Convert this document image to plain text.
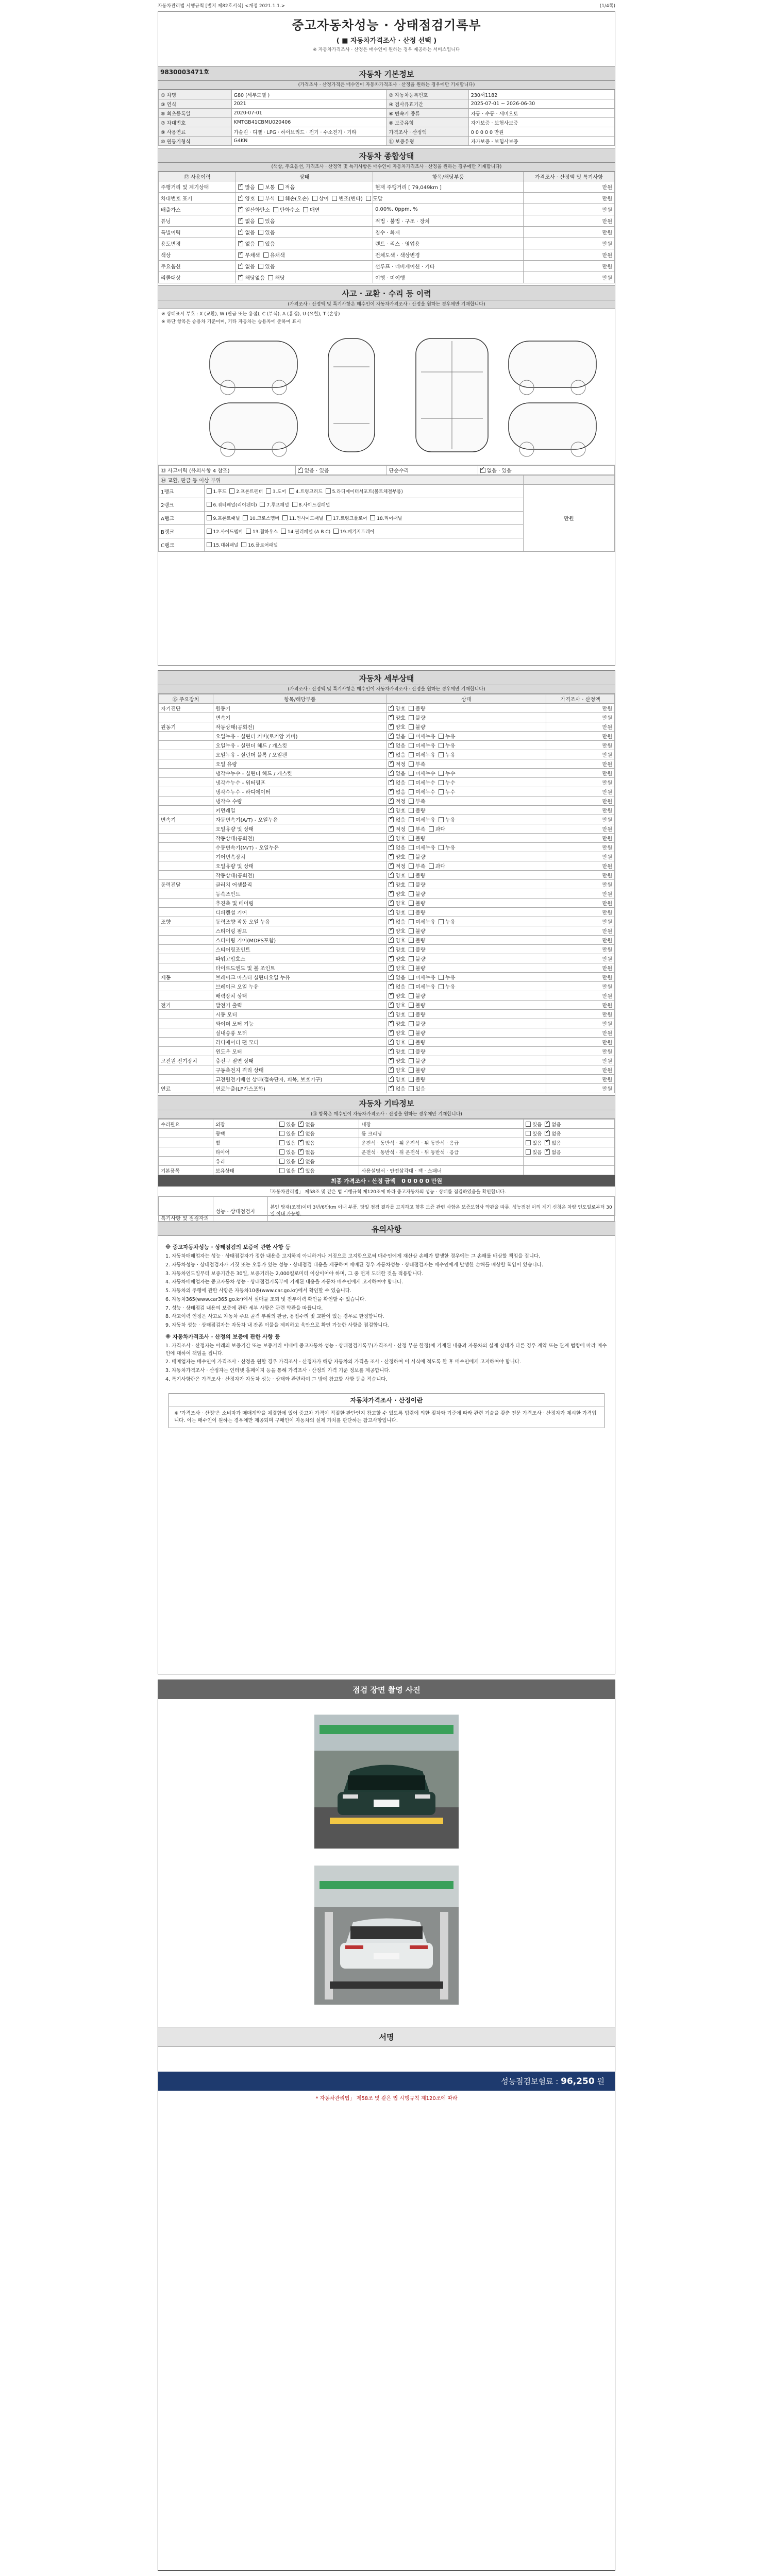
자동차관리법 시행규칙 [별지 제82호서식] <개정 2021.1.1.>	(1/4쪽)
중고자동차성능 · 상태점검기록부
( ■ 자동차가격조사 · 산정 선택 )
※ 자동차가격조사 · 산정은 매수인이 원하는 경우 제공하는 서비스입니다
9830003471호	자동차 기본정보
(가격조사 · 산정가격은 매수인이 자동차가격조사 · 산정을 원하는 경우에만 기재합니다)
① 차명	G80 (세부모델 )	② 자동차등록번호	230서1182
③ 연식	2021	④ 검사유효기간	2025-07-01 ~ 2026-06-30
⑤ 최초등록일	2020-07-01	⑥ 변속기 종류	자동 · 수동 · 세미오토
⑦ 차대번호	KMTGB41CBMU020406	⑧ 보증유형	자가보증 · 보험사보증
⑨ 사용연료	가솔린 · 디젤 · LPG · 하이브리드 · 전기 · 수소전기 · 기타	가격조사 · 산정액	0 0 0 0 0 만원
⑩ 원동기형식	G4KN	⑪ 보증유형	자가보증 · 보험사보증
자동차 종합상태
(색상, 주요옵션, 가격조사 · 산정액 및 특기사항은 매수인이 자동차가격조사 · 산정을 원하는 경우에만 기재합니다)
⑫ 사용이력	상태	항목/해당부품	가격조사 · 산정액 및 특기사항
주행거리 및 계기상태	✓많음 보통 적음	현재 주행거리 [ 79,049km ]	만원
차대번호 표기	✓양호 부식 훼손(오손) 상이 변조(변타) 도말		만원
배출가스	✓일산화탄소 탄화수소 매연	0.00%, 0ppm, %	만원
튜닝	✓없음 있음	적법 · 불법 · 구조 · 장치	만원
특별이력	✓없음 있음	침수 · 화재	만원
용도변경	✓없음 있음	렌트 · 리스 · 영업용	만원
색상	✓무채색 유채색	전체도색 · 색상변경	만원
주요옵션	✓없음 있음	선루프 · 네비게이션 · 기타	만원
리콜대상	✓해당없음 해당	이행 · 미이행	만원
사고 · 교환 · 수리 등 이력
(가격조사 · 산정액 및 특기사항은 매수인이 자동차가격조사 · 산정을 원하는 경우에만 기재합니다)
※ 상태표시 부호 : X (교환), W (판금 또는 용접), C (부식), A (흠집), U (요철), T (손상)
※ 하단 항목은 승용차 기준이며, 기타 자동차는 승용차에 준하여 표시
⑬ 사고이력 (유의사항 4 참조)	✓없음 · 있음	단순수리	✓없음 · 있음
⑭ 교환, 판금 등 이상 부위		
1랭크	1.후드 2.프론트펜더 3.도어 4.트렁크리드 5.라디에이터서포트(볼트체결부품)	만원
2랭크	6.쿼터패널(리어펜더) 7.루프패널 8.사이드실패널	
A랭크	9.프론트패널 10.크로스멤버 11.인사이드패널 17.트렁크플로어 18.리어패널	
B랭크	12.사이드멤버 13.휠하우스 14.필러패널 (A B C) 19.패키지트레이	
C랭크	15.대쉬패널 16.플로어패널	
자동차 세부상태
(가격조사 · 산정액 및 특기사항은 매수인이 자동차가격조사 · 산정을 원하는 경우에만 기재합니다)
⑮ 주요장치	항목/해당부품	상태	가격조사 · 산정액
자기진단	원동기	✓양호 불량	만원
	변속기	✓양호 불량	만원
원동기	작동상태(공회전)	✓양호 불량	만원
	오일누유 - 실린더 커버(로커암 커버)	✓없음 미세누유 누유	만원
	오일누유 - 실린더 헤드 / 개스킷	✓없음 미세누유 누유	만원
	오일누유 - 실린더 블록 / 오일팬	✓없음 미세누유 누유	만원
	오일 유량	✓적정 부족	만원
	냉각수누수 - 실린더 헤드 / 개스킷	✓없음 미세누수 누수	만원
	냉각수누수 - 워터펌프	✓없음 미세누수 누수	만원
	냉각수누수 - 라디에이터	✓없음 미세누수 누수	만원
	냉각수 수량	✓적정 부족	만원
	커먼레일	✓양호 불량	만원
변속기	자동변속기(A/T) - 오일누유	✓없음 미세누유 누유	만원
	오일유량 및 상태	✓적정 부족 과다	만원
	작동상태(공회전)	✓양호 불량	만원
	수동변속기(M/T) - 오일누유	✓없음 미세누유 누유	만원
	기어변속장치	✓양호 불량	만원
	오일유량 및 상태	✓적정 부족 과다	만원
	작동상태(공회전)	✓양호 불량	만원
동력전달	클러치 어셈블리	✓양호 불량	만원
	등속조인트	✓양호 불량	만원
	추진축 및 베어링	✓양호 불량	만원
	디퍼렌셜 기어	✓양호 불량	만원
조향	동력조향 작동 오일 누유	✓없음 미세누유 누유	만원
	스티어링 펌프	✓양호 불량	만원
	스티어링 기어(MDPS포함)	✓양호 불량	만원
	스티어링조인트	✓양호 불량	만원
	파워고압호스	✓양호 불량	만원
	타이로드엔드 및 볼 조인트	✓양호 불량	만원
제동	브레이크 마스터 실린더오일 누유	✓없음 미세누유 누유	만원
	브레이크 오일 누유	✓없음 미세누유 누유	만원
	배력장치 상태	✓양호 불량	만원
전기	발전기 출력	✓양호 불량	만원
	시동 모터	✓양호 불량	만원
	와이퍼 모터 기능	✓양호 불량	만원
	실내송풍 모터	✓양호 불량	만원
	라디에이터 팬 모터	✓양호 불량	만원
	윈도우 모터	✓양호 불량	만원
고전원 전기장치	충전구 절연 상태	✓양호 불량	만원
	구동축전지 격리 상태	✓양호 불량	만원
	고전원전기배선 상태(접속단자, 피복, 보호기구)	✓양호 불량	만원
연료	연료누출(LP가스포함)	✓없음 있음	만원
자동차 기타정보
(⑯ 항목은 매수인이 자동차가격조사 · 산정을 원하는 경우에만 기재합니다)
수리필요	외장	있음 ✓ 없음	내장	있음 ✓ 없음
	광택	있음 ✓ 없음	룸 크리닝	있음 ✓ 없음
	휠	있음 ✓ 없음	운전석 · 동반석 · 뒤 운전석 · 뒤 동반석 · 응급	있음 ✓ 없음
	타이어	있음 ✓ 없음	운전석 · 동반석 · 뒤 운전석 · 뒤 동반석 · 응급	있음 ✓ 없음
	유리	있음 ✓ 없음		
기본품목	보유상태	없음 ✓ 있음	사용설명서 · 안전삼각대 · 잭 · 스패너	
최종 가격조사 · 산정 금액 0 0 0 0 0 만원
「자동차관리법」 제58조 및 같은 법 시행규칙 제120조에 따라 중고자동차의 성능 · 상태를 점검하였음을 확인합니다.
특기사항 및 점검자의	성능 · 상태점검자	본인 탑재(조정)이며 3년/6만km 이내 부품, 당일 점검 결과를 고지하고 향후 보증 관련 사항은 보증보험사 약관을 따름. 성능점검 이의 제기 신청은 차량 인도일로부터 30일 이내 가능함.

유의사항
※ 중고자동차성능 · 상태점검의 보증에 관한 사항 등

1. 자동차매매업자는 성능 · 상태점검자가 정한 내용을 고지하지 아니하거나 거짓으로 고지함으로써 매수인에게 재산상 손해가 발생한 경우에는 그 손해를 배상할 책임을 집니다.

2. 자동차성능 · 상태점검자가 거짓 또는 오류가 있는 성능 · 상태점검 내용을 제공하여 매매된 경우 자동차성능 · 상태점검자는 매수인에게 발생한 손해를 배상할 책임이 있습니다.

3. 자동차인도일부터 보증기간은 30일, 보증거리는 2,000킬로미터 이상이어야 하며, 그 중 먼저 도래한 것을 적용합니다.

4. 자동차매매업자는 중고자동차 성능 · 상태점검기록부에 기재된 내용을 자동차 매수인에게 고지하여야 합니다.

5. 자동차의 주행에 관한 사항은 자동차10종(www.car.go.kr)에서 확인할 수 있습니다.

6. 자동차365(www.car365.go.kr)에서 실매물 조회 및 전부이력 확인을 확인할 수 있습니다.

7. 성능 · 상태점검 내용의 보증에 관한 세부 사항은 관련 약관을 따릅니다.

8. 사고이력 인정은 사고로 자동차 주요 골격 부위의 판금, 용접수리 및 교환이 있는 경우로 한정합니다.

9. 자동차 성능 · 상태점검자는 자동차 내 잔존 이물을 제외하고 육안으로 확인 가능한 사항을 점검합니다.

※ 자동차가격조사 · 산정의 보증에 관한 사항 등

1. 가격조사 · 산정자는 아래의 보증기간 또는 보증거리 이내에 중고자동차 성능 · 상태점검기록부(가격조사 · 산정 부분 한정)에 기재된 내용과 자동차의 실제 상태가 다른 경우 계약 또는 관계 법령에 따라 매수인에 대하여 책임을 집니다.

2. 매매업자는 매수인이 가격조사 · 산정을 원할 경우 가격조사 · 산정자가 해당 자동차의 가격을 조사 · 산정하여 이 서식에 적도록 한 후 매수인에게 고지하여야 합니다.

3. 자동차가격조사 · 산정자는 인터넷 홈페이지 등을 통해 가격조사 · 산정의 가격 기준 정보를 제공합니다.

4. 특기사항란은 가격조사 · 산정자가 자동차 성능 · 상태와 관련하여 그 밖에 참고할 사항 등을 적습니다.

자동차가격조사 · 산정이란
※ '가격조사 · 산정'은 소비자가 매매계약을 체결함에 있어 중고차 가격이 적절한 판단인지 참고할 수 있도록 법령에 의한 절차와 기준에 따라 관련 기술을 갖춘 전문 가격조사 · 산정자가 제시한 가격입니다. 이는 매수인이 원하는 경우에만 제공되며 구매인이 자동차의 실제 가치를 판단하는 참고사항입니다.
점검 장면 촬영 사진
서명
성능점검보험료 : 96,250 원
* 자동차관리법」 제58조 및 같은 법 시행규칙 제120조에 따라
